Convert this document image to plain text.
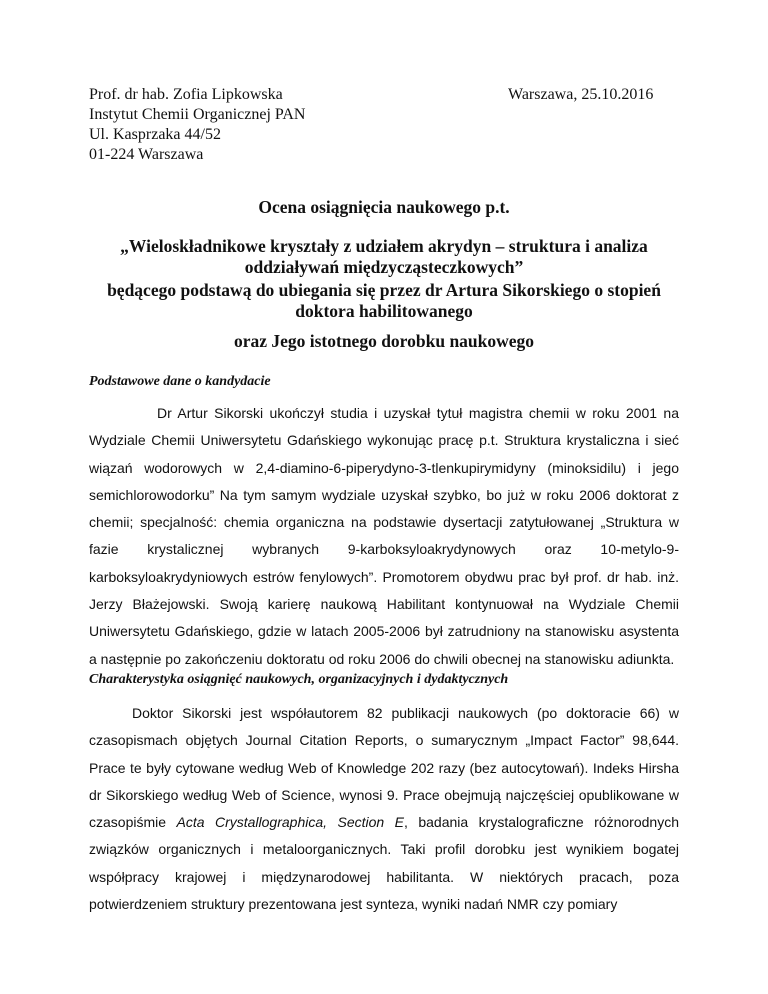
Prof. dr hab. Zofia Lipkowska
Instytut Chemii Organicznej PAN
Ul. Kasprzaka 44/52
01-224 Warszawa
Warszawa, 25.10.2016
Ocena osiągnięcia naukowego p.t.
„Wieloskładnikowe kryształy z udziałem akrydyn – struktura i analiza oddziaływań międzycząsteczkowych”
będącego podstawą do ubiegania się przez dr Artura Sikorskiego o stopień doktora habilitowanego
oraz Jego istotnego dorobku naukowego
Podstawowe dane o kandydacie
Dr Artur Sikorski ukończył studia i uzyskał tytuł magistra chemii w roku 2001 na Wydziale Chemii Uniwersytetu Gdańskiego wykonując pracę p.t. Struktura krystaliczna i sieć wiązań wodorowych w 2,4-diamino-6-piperydyno-3-tlenkupirymidyny (minoksidilu) i jego semichlorowodorku” Na tym samym wydziale uzyskał szybko, bo już w roku 2006 doktorat z chemii; specjalność: chemia organiczna na podstawie dysertacji zatytułowanej „Struktura w fazie krystalicznej wybranych 9-karboksyloakrydynowych oraz 10-metylo-9-karboksyloakrydyniowych estrów fenylowych”. Promotorem obydwu prac był prof. dr hab. inż. Jerzy Błażejowski. Swoją karierę naukową Habilitant kontynuował na Wydziale Chemii Uniwersytetu Gdańskiego, gdzie w latach 2005-2006 był zatrudniony na stanowisku asystenta a następnie po zakończeniu doktoratu od roku 2006 do chwili obecnej na stanowisku adiunkta.
Charakterystyka osiągnięć naukowych, organizacyjnych i dydaktycznych
Doktor Sikorski jest współautorem 82 publikacji naukowych (po doktoracie 66) w czasopismach objętych Journal Citation Reports, o sumarycznym „Impact Factor” 98,644. Prace te były cytowane według Web of Knowledge 202 razy (bez autocytowań). Indeks Hirsha dr Sikorskiego według Web of Science, wynosi 9. Prace obejmują najczęściej opublikowane w czasopiśmie Acta Crystallographica, Section E, badania krystalograficzne różnorodnych związków organicznych i metaloorganicznych. Taki profil dorobku jest wynikiem bogatej współpracy krajowej i międzynarodowej habilitanta. W niektórych pracach, poza potwierdzeniem struktury prezentowana jest synteza, wyniki nadań NMR czy pomiary
